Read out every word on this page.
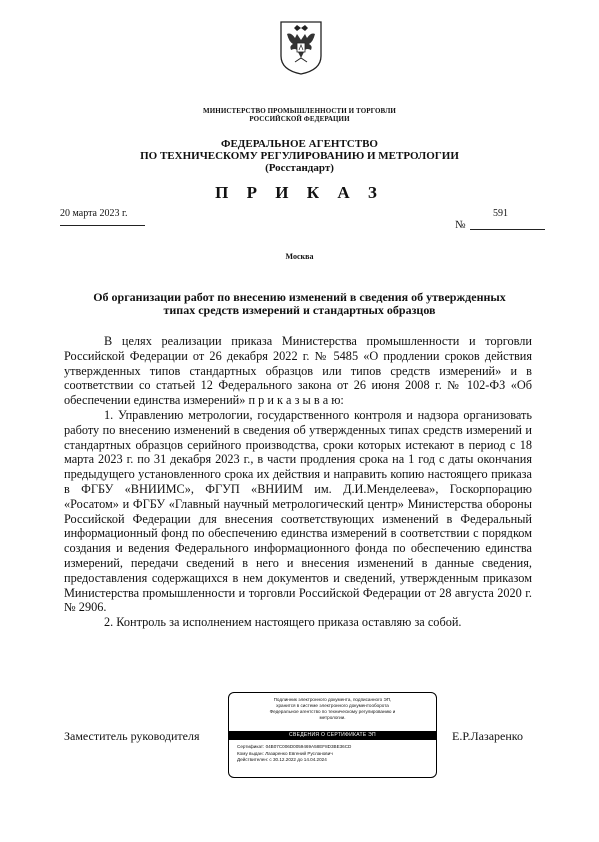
МИНИСТЕРСТВО ПРОМЫШЛЕННОСТИ И ТОРГОВЛИ
РОССИЙСКОЙ ФЕДЕРАЦИИ
ФЕДЕРАЛЬНОЕ АГЕНТСТВО
ПО ТЕХНИЧЕСКОМУ РЕГУЛИРОВАНИЮ И МЕТРОЛОГИИ
(Росстандарт)
П Р И К А З
20 марта 2023 г.
№
591
Москва
Об организации работ по внесению изменений в сведения об утвержденных
типах средств измерений и стандартных образцов

В целях реализации приказа Министерства промышленности и торговли Российской Федерации от 26 декабря 2022 г. № 5485 «О продлении сроков действия утвержденных типов стандартных образцов или типов средств измерений» и в соответствии со статьей 12 Федерального закона от 26 июня 2008 г. № 102-ФЗ «Об обеспечении единства измерений» п р и к а з ы в а ю:

1. Управлению метрологии, государственного контроля и надзора организовать работу по внесению изменений в сведения об утвержденных типах средств измерений и стандартных образцов серийного производства, сроки которых истекают в период с 18 марта 2023 г. по 31 декабря 2023 г., в части продления срока на 1 год с даты окончания предыдущего установленного срока их действия и направить копию настоящего приказа в ФГБУ «ВНИИМС», ФГУП «ВНИИМ им. Д.И.Менделеева», Госкорпорацию «Росатом» и ФГБУ «Главный научный метрологический центр» Министерства обороны Российской Федерации для внесения соответствующих изменений в Федеральный информационный фонд по обеспечению единства измерений в соответствии с порядком создания и ведения Федерального информационного фонда по обеспечению единства измерений, передачи сведений в него и внесения изменений в данные сведения, предоставления содержащихся в нем документов и сведений, утвержденным приказом Министерства промышленности и торговли Российской Федерации от 28 августа 2020 г. № 2906.

2. Контроль за исполнением настоящего приказа оставляю за собой.

Заместитель руководителя	Е.Р.Лазаренко
Подлинник электронного документа, подписанного ЭП,
хранится в системе электронного документооборота
Федеральное агентство по техническому регулированию и
метрологии.
СВЕДЕНИЯ О СЕРТИФИКАТЕ ЭП
Сертификат: 04B07C006D0059469A58EF8D3BE36CD
Кому выдан: Лазаренко Евгений Русланович
Действителен: с 30.12.2022 до 14.04.2024
